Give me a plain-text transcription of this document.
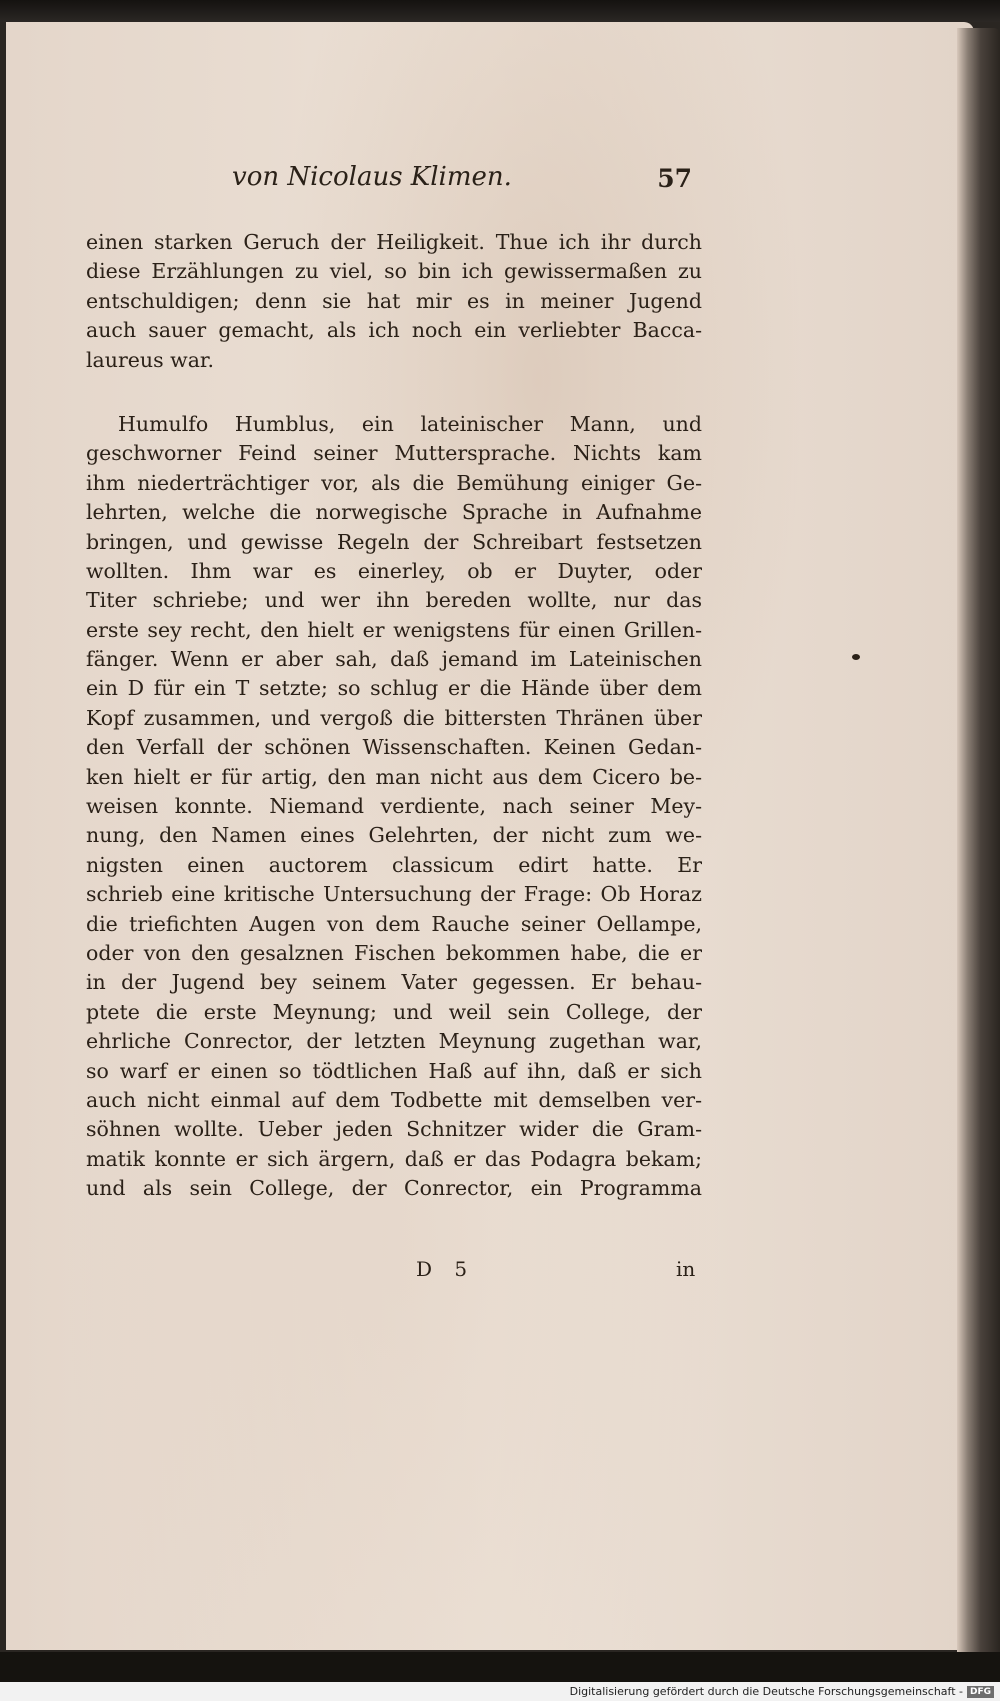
von Nicolaus Klimen.	57
einen starken Geruch der Heiligkeit. Thue ich ihr durch
diese Erzählungen zu viel, so bin ich gewissermaßen zu
entschuldigen; denn sie hat mir es in meiner Jugend
auch sauer gemacht, als ich noch ein verliebter Bacca-
laureus war.
Humulfo Humblus, ein lateinischer Mann, und
geschworner Feind seiner Muttersprache. Nichts kam
ihm niederträchtiger vor, als die Bemühung einiger Ge-
lehrten, welche die norwegische Sprache in Aufnahme
bringen, und gewisse Regeln der Schreibart festsetzen
wollten. Ihm war es einerley, ob er Duyter, oder
Titer schriebe; und wer ihn bereden wollte, nur das
erste sey recht, den hielt er wenigstens für einen Grillen-
fänger. Wenn er aber sah, daß jemand im Lateinischen
ein D für ein T setzte; so schlug er die Hände über dem
Kopf zusammen, und vergoß die bittersten Thränen über
den Verfall der schönen Wissenschaften. Keinen Gedan-
ken hielt er für artig, den man nicht aus dem Cicero be-
weisen konnte. Niemand verdiente, nach seiner Mey-
nung, den Namen eines Gelehrten, der nicht zum we-
nigsten einen auctorem classicum edirt hatte. Er
schrieb eine kritische Untersuchung der Frage: Ob Horaz
die triefichten Augen von dem Rauche seiner Oellampe,
oder von den gesalznen Fischen bekommen habe, die er
in der Jugend bey seinem Vater gegessen. Er behau-
ptete die erste Meynung; und weil sein College, der
ehrliche Conrector, der letzten Meynung zugethan war,
so warf er einen so tödtlichen Haß auf ihn, daß er sich
auch nicht einmal auf dem Todbette mit demselben ver-
söhnen wollte. Ueber jeden Schnitzer wider die Gram-
matik konnte er sich ärgern, daß er das Podagra bekam;
und als sein College, der Conrector, ein Programma
D 5	in
Digitalisierung gefördert durch die Deutsche Forschungsgemeinschaft - DFG
